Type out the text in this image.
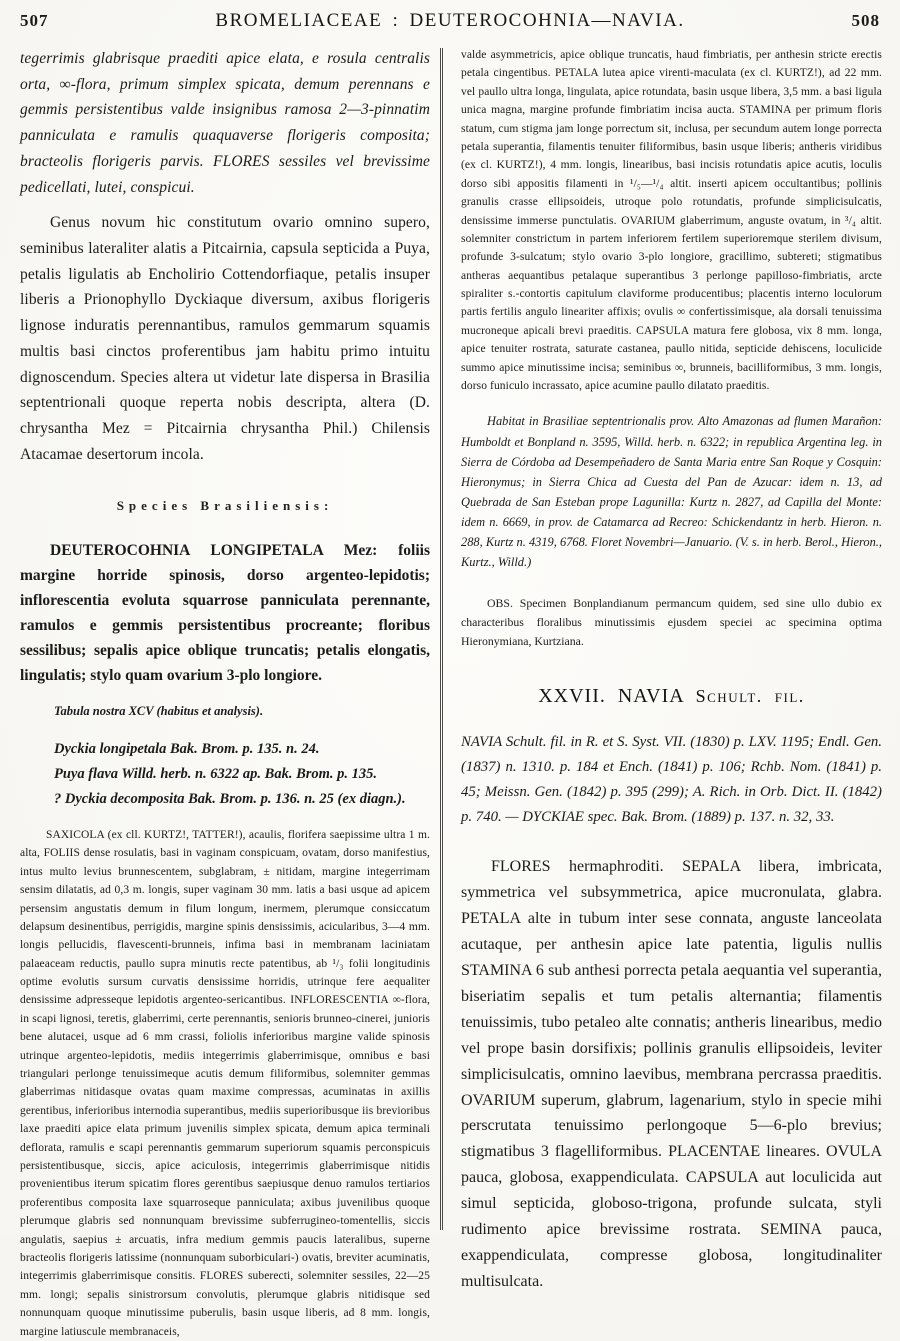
507	BROMELIACEAE : DEUTEROCOHNIA—NAVIA.	508

tegerrimis glabrisque praediti apice elata, e rosula centralis orta, ∞-flora, primum simplex spicata, demum perennans e gemmis persistentibus valde insignibus ramosa 2—3-pinnatim panniculata e ramulis quaquaverse florigeris composita; bracteolis florigeris parvis. FLORES sessiles vel brevissime pedicellati, lutei, conspicui.

Genus novum hic constitutum ovario omnino supero, seminibus lateraliter alatis a Pitcairnia, capsula septicida a Puya, petalis ligulatis ab Encholirio Cottendorfiaque, petalis insuper liberis a Prionophyllo Dyckiaque diversum, axibus florigeris lignose induratis perennantibus, ramulos gemmarum squamis multis basi cinctos proferentibus jam habitu primo intuitu dignoscendum. Species altera ut videtur late dispersa in Brasilia septentrionali quoque reperta nobis descripta, altera (D. chrysantha Mez = Pitcairnia chrysantha Phil.) Chilensis Atacamae desertorum incola.

Species Brasiliensis:

DEUTEROCOHNIA LONGIPETALA Mez: foliis margine horride spinosis, dorso argenteo-lepidotis; inflorescentia evoluta squarrose panniculata perennante, ramulos e gemmis persistentibus procreante; floribus sessilibus; sepalis apice oblique truncatis; petalis elongatis, lingulatis; stylo quam ovarium 3-plo longiore.

Tabula nostra XCV (habitus et analysis).

Dyckia longipetala Bak. Brom. p. 135. n. 24.

Puya flava Willd. herb. n. 6322 ap. Bak. Brom. p. 135.

? Dyckia decomposita Bak. Brom. p. 136. n. 25 (ex diagn.).

SAXICOLA (ex cll. KURTZ!, TATTER!), acaulis, florifera saepissime ultra 1 m. alta, FOLIIS dense rosulatis, basi in vaginam conspicuam, ovatam, dorso manifestius, intus multo levius brunnescentem, subglabram, ± nitidam, margine integerrimam sensim dilatatis, ad 0,3 m. longis, super vaginam 30 mm. latis a basi usque ad apicem persensim angustatis demum in filum longum, inermem, plerumque consiccatum delapsum desinentibus, perrigidis, margine spinis densissimis, acicularibus, 3—4 mm. longis pellucidis, flavescenti-brunneis, infima basi in membranam laciniatam palaeaceam reductis, paullo supra minutis recte patentibus, ab ¹/₃ folii longitudinis optime evolutis sursum curvatis densissime horridis, utrinque fere aequaliter densissime adpresseque lepidotis argenteo-sericantibus. INFLORESCENTIA ∞-flora, in scapi lignosi, teretis, glaberrimi, certe perennantis, senioris brunneo-cinerei, junioris bene alutacei, usque ad 6 mm crassi, foliolis inferioribus margine valide spinosis utrinque argenteo-lepidotis, mediis integerrimis glaberrimisque, omnibus e basi triangulari perlonge tenuissimeque acutis demum filiformibus, solemniter gemmas glaberrimas nitidasque ovatas quam maxime compressas, acuminatas in axillis gerentibus, inferioribus internodia superantibus, mediis superioribusque iis brevioribus laxe praediti apice elata primum juvenilis simplex spicata, demum apica terminali deflorata, ramulis e scapi perennantis gemmarum superiorum squamis perconspicuis persistentibusque, siccis, apice aciculosis, integerrimis glaberrimisque nitidis provenientibus iterum spicatim flores gerentibus saepiusque denuo ramulos tertiarios proferentibus composita laxe squarroseque panniculata; axibus juvenilibus quoque plerumque glabris sed nonnunquam brevissime subferrugineo-tomentellis, siccis angulatis, saepius ± arcuatis, infra medium gemmis paucis lateralibus, superne bracteolis florigeris latissime (nonnunquam suborbiculari-) ovatis, breviter acuminatis, integerrimis glaberrimisque consitis. FLORES suberecti, solemniter sessiles, 22—25 mm. longi; sepalis sinistrorsum convolutis, plerumque glabris nitidisque sed nonnunquam quoque minutissime puberulis, basin usque liberis, ad 8 mm. longis, margine latiuscule membranaceis,

valde asymmetricis, apice oblique truncatis, haud fimbriatis, per anthesin stricte erectis petala cingentibus. PETALA lutea apice virenti-maculata (ex cl. KURTZ!), ad 22 mm. vel paullo ultra longa, lingulata, apice rotundata, basin usque libera, 3,5 mm. a basi ligula unica magna, margine profunde fimbriatim incisa aucta. STAMINA per primum floris statum, cum stigma jam longe porrectum sit, inclusa, per secundum autem longe porrecta petala superantia, filamentis tenuiter filiformibus, basin usque liberis; antheris viridibus (ex cl. KURTZ!), 4 mm. longis, linearibus, basi incisis rotundatis apice acutis, loculis dorso sibi appositis filamenti in ¹/₅—¹/₄ altit. inserti apicem occultantibus; pollinis granulis crasse ellipsoideis, utroque polo rotundatis, profunde simplicisulcatis, densissime immerse punctulatis. OVARIUM glaberrimum, anguste ovatum, in ³/₄ altit. solemniter constrictum in partem inferiorem fertilem superioremque sterilem divisum, profunde 3-sulcatum; stylo ovario 3-plo longiore, gracillimo, subtereti; stigmatibus antheras aequantibus petalaque superantibus 3 perlonge papilloso-fimbriatis, arcte spiraliter s.-contortis capitulum claviforme producentibus; placentis interno loculorum partis fertilis angulo lineariter affixis; ovulis ∞ confertissimisque, ala dorsali tenuissima mucroneque apicali brevi praeditis. CAPSULA matura fere globosa, vix 8 mm. longa, apice tenuiter rostrata, saturate castanea, paullo nitida, septicide dehiscens, loculicide summo apice minutissime incisa; seminibus ∞, brunneis, bacilliformibus, 3 mm. longis, dorso funiculo incrassato, apice acumine paullo dilatato praeditis.

Habitat in Brasiliae septentrionalis prov. Alto Amazonas ad flumen Marañon: Humboldt et Bonpland n. 3595, Willd. herb. n. 6322; in republica Argentina leg. in Sierra de Córdoba ad Desempeñadero de Santa Maria entre San Roque y Cosquin: Hieronymus; in Sierra Chica ad Cuesta del Pan de Azucar: idem n. 13, ad Quebrada de San Esteban prope Lagunilla: Kurtz n. 2827, ad Capilla del Monte: idem n. 6669, in prov. de Catamarca ad Recreo: Schickendantz in herb. Hieron. n. 288, Kurtz n. 4319, 6768. Floret Novembri—Januario. (V. s. in herb. Berol., Hieron., Kurtz., Willd.)

OBS. Specimen Bonplandianum permancum quidem, sed sine ullo dubio ex characteribus floralibus minutissimis ejusdem speciei ac specimina optima Hieronymiana, Kurtziana.

XXVII. NAVIA Schult. fil.

NAVIA Schult. fil. in R. et S. Syst. VII. (1830) p. LXV. 1195; Endl. Gen. (1837) n. 1310. p. 184 et Ench. (1841) p. 106; Rchb. Nom. (1841) p. 45; Meissn. Gen. (1842) p. 395 (299); A. Rich. in Orb. Dict. II. (1842) p. 740. — DYCKIAE spec. Bak. Brom. (1889) p. 137. n. 32, 33.

FLORES hermaphroditi. SEPALA libera, imbricata, symmetrica vel subsymmetrica, apice mucronulata, glabra. PETALA alte in tubum inter sese connata, anguste lanceolata acutaque, per anthesin apice late patentia, ligulis nullis STAMINA 6 sub anthesi porrecta petala aequantia vel superantia, biseriatim sepalis et tum petalis alternantia; filamentis tenuissimis, tubo petaleo alte connatis; antheris linearibus, medio vel prope basin dorsifixis; pollinis granulis ellipsoideis, leviter simplicisulcatis, omnino laevibus, membrana percrassa praeditis. OVARIUM superum, glabrum, lagenarium, stylo in specie mihi perscrutata tenuissimo perlongoque 5—6-plo brevius; stigmatibus 3 flagelliformibus. PLACENTAE lineares. OVULA pauca, globosa, exappendiculata. CAPSULA aut loculicida aut simul septicida, globoso-trigona, profunde sulcata, styli rudimento apice brevissime rostrata. SEMINA pauca, exappendiculata, compresse globosa, longitudinaliter multisulcata.
